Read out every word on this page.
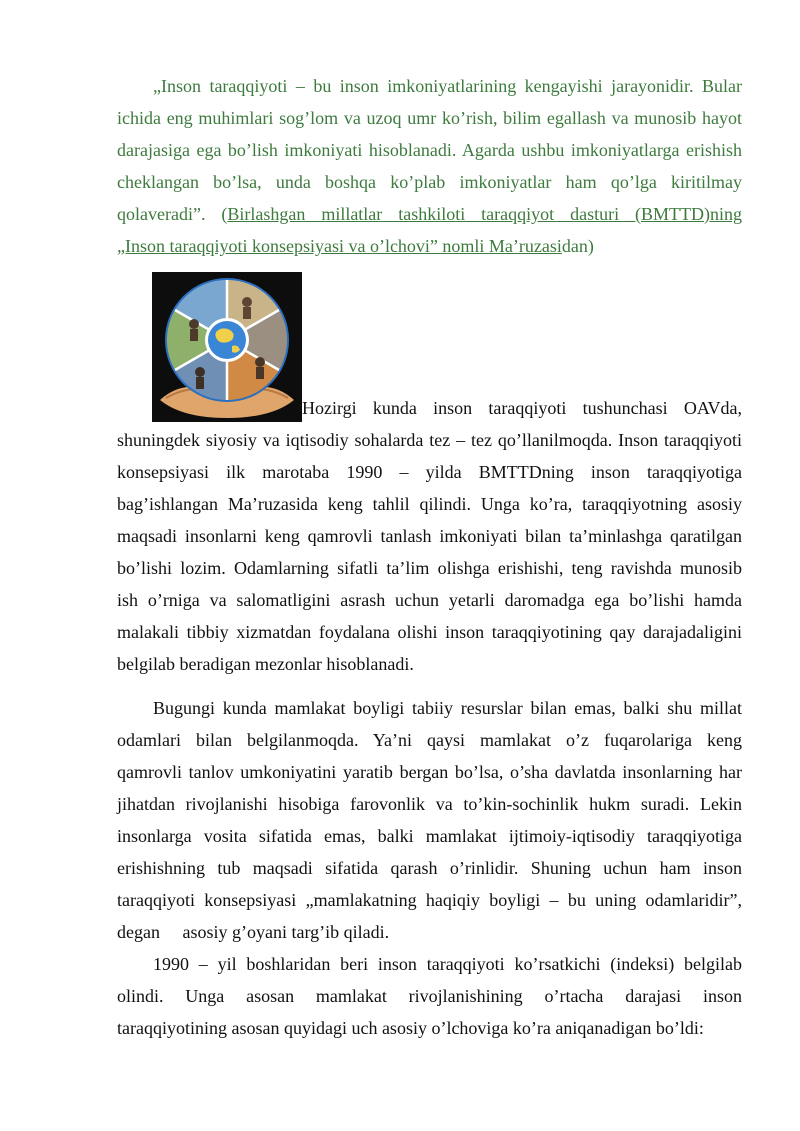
„Inson taraqqiyoti – bu inson imkoniyatlarining kengayishi jarayonidir. Bular
ichida eng muhimlari sog’lom va uzoq umr ko’rish, bilim egallash va munosib hayot
darajasiga ega bo’lish imkoniyati hisoblanadi. Agarda ushbu imkoniyatlarga erishish
cheklangan bo’lsa, unda boshqa ko’plab imkoniyatlar ham qo’lga kiritilmay
qolaveradi”. (Birlashgan millatlar tashkiloti taraqqiyot dasturi (BMTTD)ning
„Inson taraqqiyoti konsepsiyasi va o’lchovi” nomli Ma’ruzasidan)
Hozirgi kunda inson taraqqiyoti tushunchasi OAVda,
shuningdek siyosiy va iqtisodiy sohalarda tez – tez qo’llanilmoqda. Inson taraqqiyoti
konsepsiyasi ilk marotaba 1990 – yilda BMTTDning inson taraqqiyotiga
bag’ishlangan Ma’ruzasida keng tahlil qilindi. Unga ko’ra, taraqqiyotning asosiy
maqsadi insonlarni keng qamrovli tanlash imkoniyati bilan ta’minlashga qaratilgan
bo’lishi lozim. Odamlarning sifatli ta’lim olishga erishishi, teng ravishda munosib
ish o’rniga va salomatligini asrash uchun yetarli daromadga ega bo’lishi hamda
malakali tibbiy xizmatdan foydalana olishi inson taraqqiyotining qay darajadaligini
belgilab beradigan mezonlar hisoblanadi.
Bugungi kunda mamlakat boyligi tabiiy resurslar bilan emas, balki shu millat
odamlari bilan belgilanmoqda. Ya’ni qaysi mamlakat o’z fuqarolariga keng
qamrovli tanlov umkoniyatini yaratib bergan bo’lsa, o’sha davlatda insonlarning har
jihatdan rivojlanishi hisobiga farovonlik va to’kin-sochinlik hukm suradi. Lekin
insonlarga vosita sifatida emas, balki mamlakat ijtimoiy-iqtisodiy taraqqiyotiga
erishishning tub maqsadi sifatida qarash o’rinlidir. Shuning uchun ham inson
taraqqiyoti konsepsiyasi „mamlakatning haqiqiy boyligi – bu uning odamlaridir”,
degan     asosiy g’oyani targ’ib qiladi.
1990 – yil boshlaridan beri inson taraqqiyoti ko’rsatkichi (indeksi) belgilab
olindi. Unga asosan mamlakat rivojlanishining o’rtacha darajasi inson
taraqqiyotining asosan quyidagi uch asosiy o’lchoviga ko’ra aniqanadigan bo’ldi:
